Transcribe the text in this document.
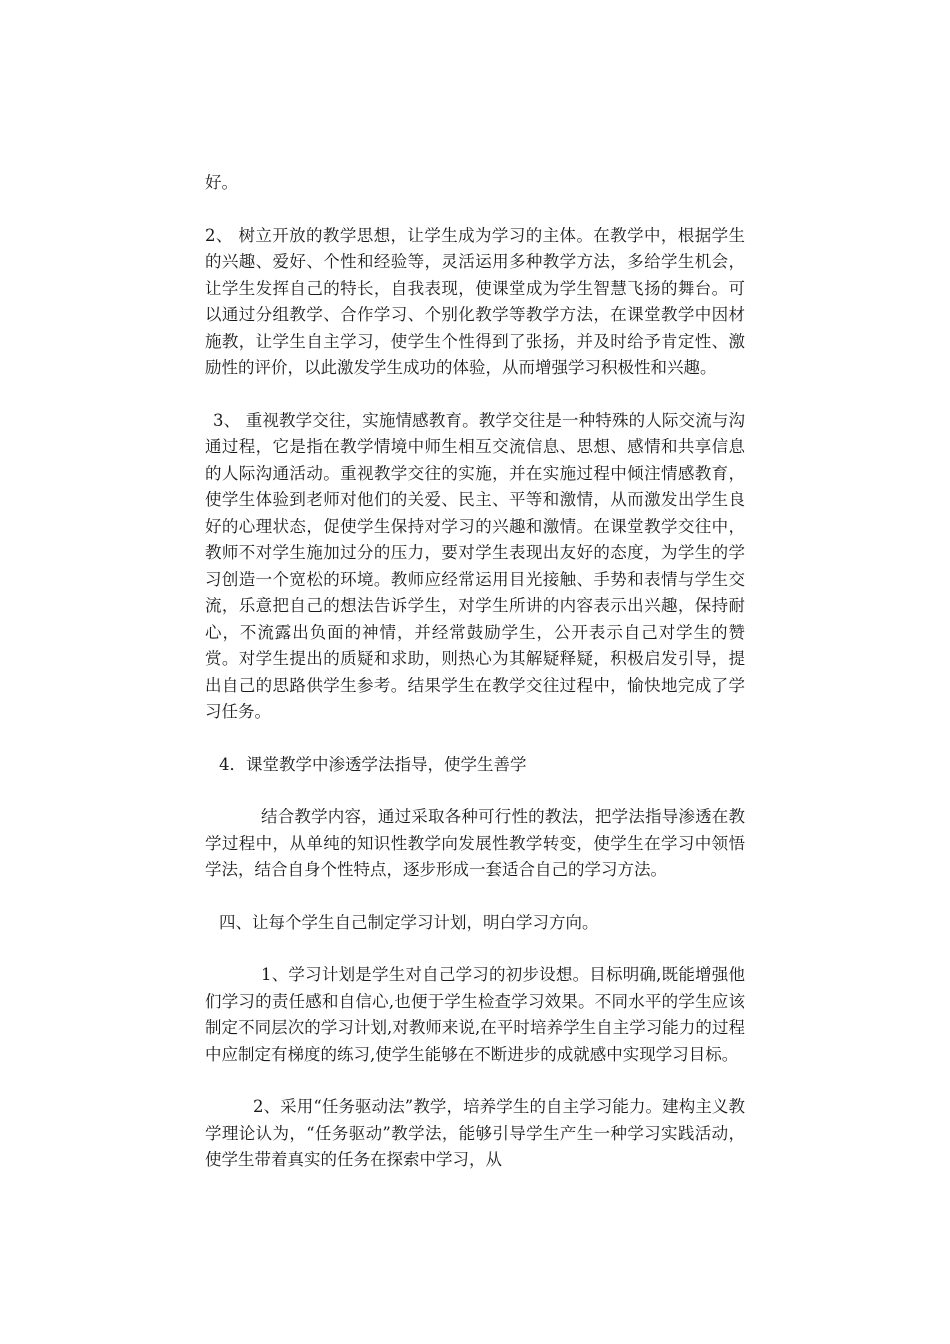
好。

2、 树立开放的教学思想，让学生成为学习的主体。在教学中，根据学生的兴趣、爱好、个性和经验等，灵活运用多种教学方法，多给学生机会，让学生发挥自己的特长，自我表现，使课堂成为学生智慧飞扬的舞台。可以通过分组教学、合作学习、个别化教学等教学方法，在课堂教学中因材施教，让学生自主学习，使学生个性得到了张扬，并及时给予肯定性、激励性的评价，以此激发学生成功的体验，从而增强学习积极性和兴趣。

3、 重视教学交往，实施情感教育。教学交往是一种特殊的人际交流与沟通过程，它是指在教学情境中师生相互交流信息、思想、感情和共享信息的人际沟通活动。重视教学交往的实施，并在实施过程中倾注情感教育，使学生体验到老师对他们的关爱、民主、平等和激情，从而激发出学生良好的心理状态，促使学生保持对学习的兴趣和激情。在课堂教学交往中，教师不对学生施加过分的压力，要对学生表现出友好的态度，为学生的学习创造一个宽松的环境。教师应经常运用目光接触、手势和表情与学生交流，乐意把自己的想法告诉学生，对学生所讲的内容表示出兴趣，保持耐心，不流露出负面的神情，并经常鼓励学生，公开表示自己对学生的赞赏。对学生提出的质疑和求助，则热心为其解疑释疑，积极启发引导，提出自己的思路供学生参考。结果学生在教学交往过程中，愉快地完成了学习任务。

4．课堂教学中渗透学法指导，使学生善学

结合教学内容，通过采取各种可行性的教法，把学法指导渗透在教学过程中，从单纯的知识性教学向发展性教学转变，使学生在学习中领悟学法，结合自身个性特点，逐步形成一套适合自己的学习方法。

四、让每个学生自己制定学习计划，明白学习方向。

1、学习计划是学生对自己学习的初步设想。目标明确,既能增强他们学习的责任感和自信心,也便于学生检查学习效果。不同水平的学生应该制定不同层次的学习计划,对教师来说,在平时培养学生自主学习能力的过程中应制定有梯度的练习,使学生能够在不断进步的成就感中实现学习目标。

2、采用“任务驱动法”教学，培养学生的自主学习能力。建构主义教学理论认为，“任务驱动”教学法，能够引导学生产生一种学习实践活动，使学生带着真实的任务在探索中学习，从
